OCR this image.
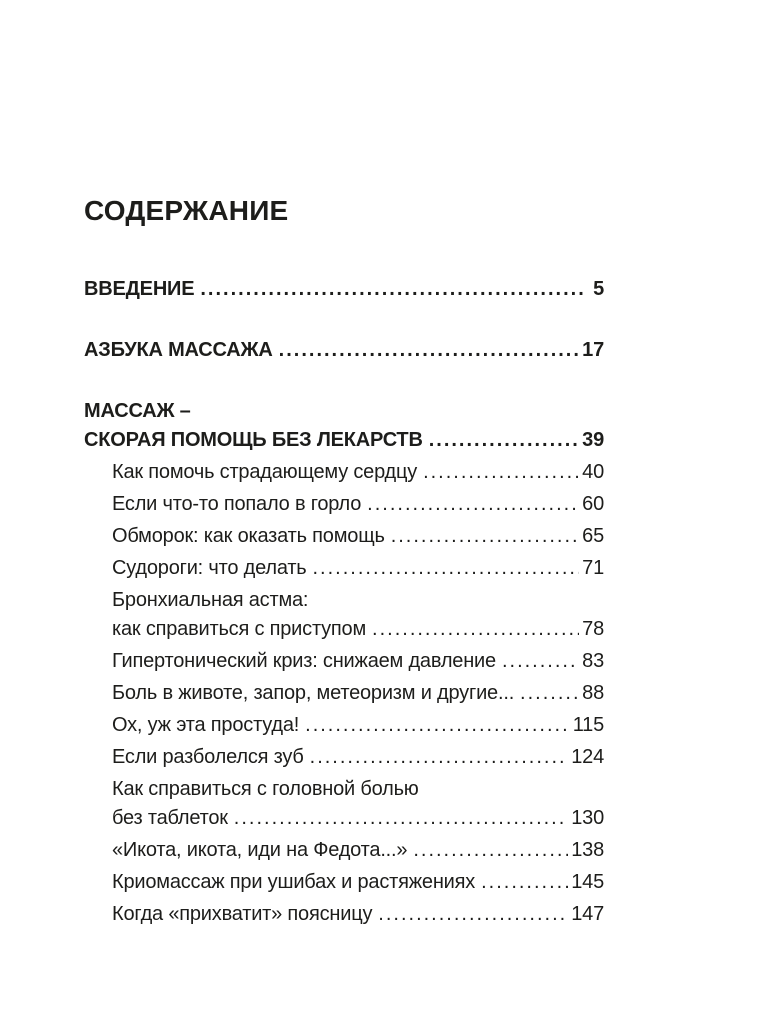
СОДЕРЖАНИЕ
ВВЕДЕНИЕ .....	5
АЗБУКА МАССАЖА .....	17
МАССАЖ –
СКОРАЯ ПОМОЩЬ БЕЗ ЛЕКАРСТВ .....	39
Как помочь страдающему сердцу .....	40
Если что-то попало в горло .....	60
Обморок: как оказать помощь .....	65
Судороги: что делать .....	71
Бронхиальная астма:
как справиться с приступом .....	78
Гипертонический криз: снижаем давление .....	83
Боль в животе, запор, метеоризм и другие... .....	88
Ох, уж эта простуда! .....	115
Если разболелся зуб .....	124
Как справиться с головной болью
без таблеток .....	130
«Икота, икота, иди на Федота...» .....	138
Криомассаж при ушибах и растяжениях .....	145
Когда «прихватит» поясницу .....	147
